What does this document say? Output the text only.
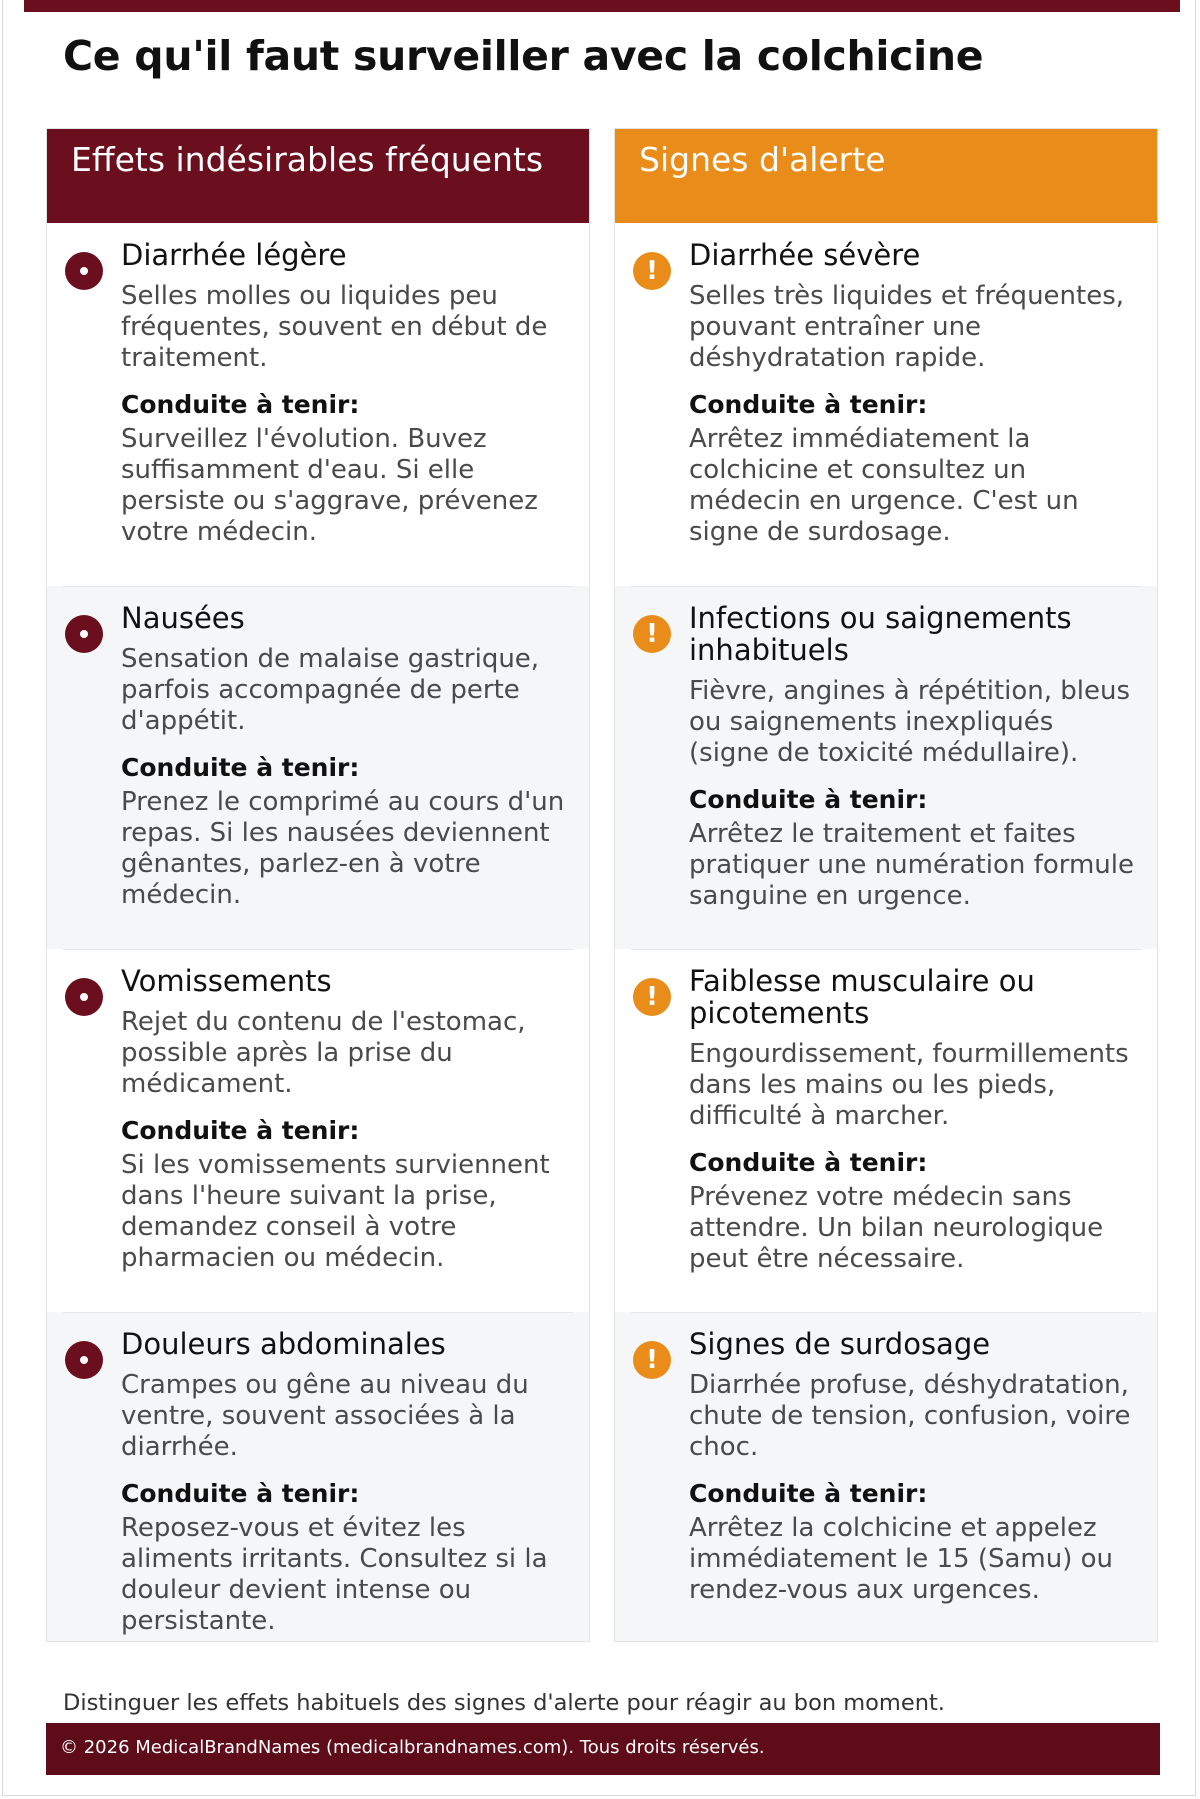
Ce qu'il faut surveiller avec la colchicine
Effets indésirables fréquents
Diarrhée légère

Selles molles ou liquides peu fréquentes, souvent en début de traitement.

Conduite à tenir:

Surveillez l'évolution. Buvez suffisamment d'eau. Si elle persiste ou s'aggrave, prévenez votre médecin.

Nausées

Sensation de malaise gastrique, parfois accompagnée de perte d'appétit.

Conduite à tenir:

Prenez le comprimé au cours d'un repas. Si les nausées deviennent gênantes, parlez-en à votre médecin.

Vomissements

Rejet du contenu de l'estomac, possible après la prise du médicament.

Conduite à tenir:

Si les vomissements surviennent dans l'heure suivant la prise, demandez conseil à votre pharmacien ou médecin.

Douleurs abdominales

Crampes ou gêne au niveau du ventre, souvent associées à la diarrhée.

Conduite à tenir:

Reposez-vous et évitez les aliments irritants. Consultez si la douleur devient intense ou persistante.

Signes d'alerte
!	Diarrhée sévère

Selles très liquides et fréquentes, pouvant entraîner une déshydratation rapide.

Conduite à tenir:

Arrêtez immédiatement la colchicine et consultez un médecin en urgence. C'est un signe de surdosage.

!	Infections ou saignements inhabituels

Fièvre, angines à répétition, bleus ou saignements inexpliqués (signe de toxicité médullaire).

Conduite à tenir:

Arrêtez le traitement et faites pratiquer une numération formule sanguine en urgence.

!	Faiblesse musculaire ou picotements

Engourdissement, fourmillements dans les mains ou les pieds, difficulté à marcher.

Conduite à tenir:

Prévenez votre médecin sans attendre. Un bilan neurologique peut être nécessaire.

!	Signes de surdosage

Diarrhée profuse, déshydratation, chute de tension, confusion, voire choc.

Conduite à tenir:

Arrêtez la colchicine et appelez immédiatement le 15 (Samu) ou rendez-vous aux urgences.

Distinguer les effets habituels des signes d'alerte pour réagir au bon moment.

© 2026 MedicalBrandNames (medicalbrandnames.com). Tous droits réservés.
